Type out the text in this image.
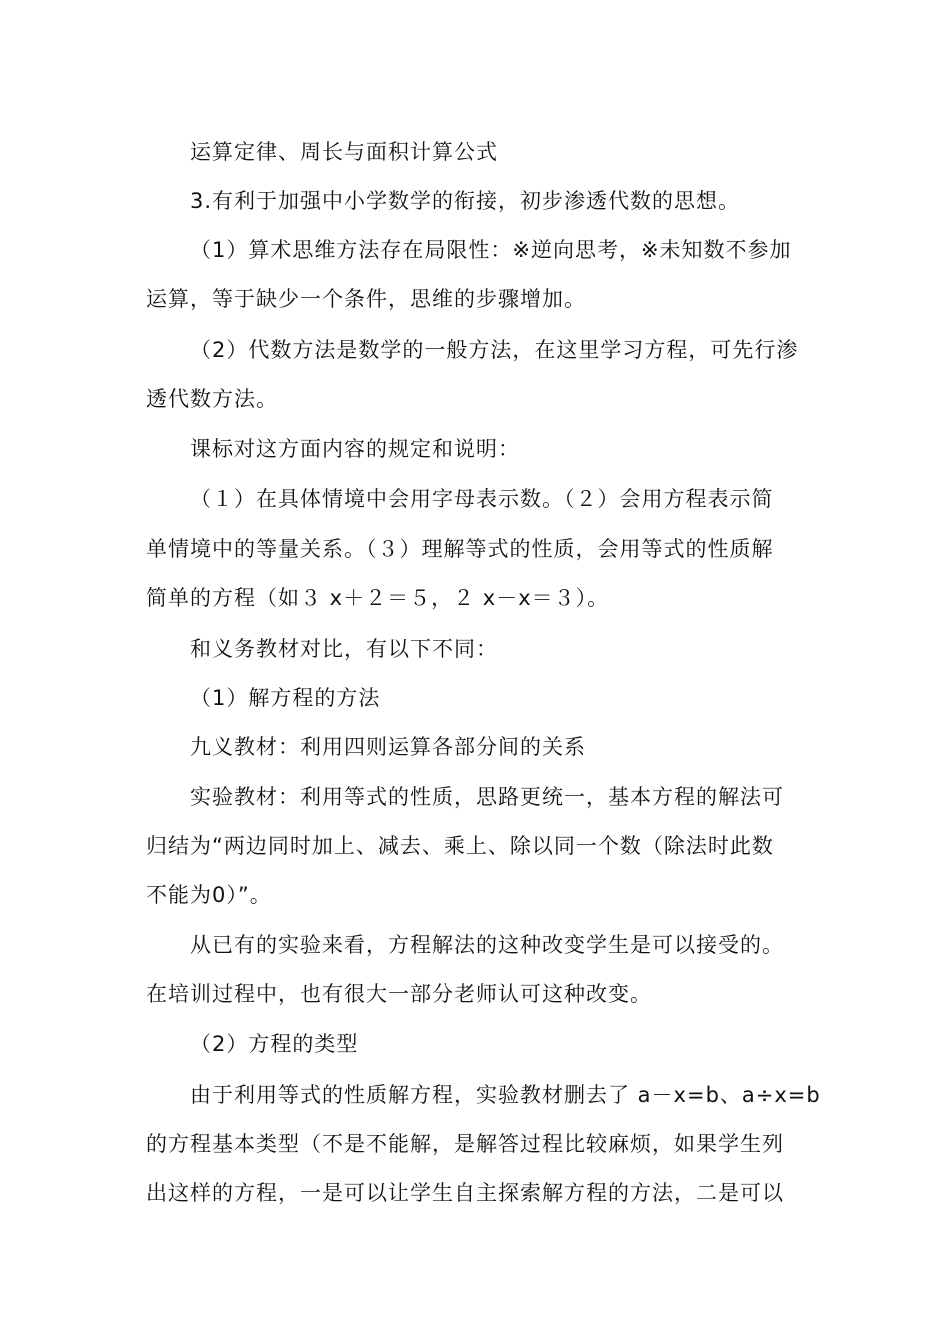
运算定律、周长与面积计算公式
3.有利于加强中小学数学的衔接，初步渗透代数的思想。
（1）算术思维方法存在局限性：※逆向思考，※未知数不参加
运算，等于缺少一个条件，思维的步骤增加。
（2）代数方法是数学的一般方法，在这里学习方程，可先行渗
透代数方法。
课标对这方面内容的规定和说明：
（１）在具体情境中会用字母表示数。（２）会用方程表示简
单情境中的等量关系。（３）理解等式的性质，会用等式的性质解
简单的方程（如３ x＋２＝５，２ x－x＝３）。
和义务教材对比，有以下不同：
（1）解方程的方法
九义教材：利用四则运算各部分间的关系
实验教材：利用等式的性质，思路更统一，基本方程的解法可
归结为“两边同时加上、减去、乘上、除以同一个数（除法时此数
不能为0）”。
从已有的实验来看，方程解法的这种改变学生是可以接受的。
在培训过程中，也有很大一部分老师认可这种改变。
（2）方程的类型
由于利用等式的性质解方程，实验教材删去了 a－x=b、a÷x=b
的方程基本类型（不是不能解，是解答过程比较麻烦，如果学生列
出这样的方程，一是可以让学生自主探索解方程的方法，二是可以
